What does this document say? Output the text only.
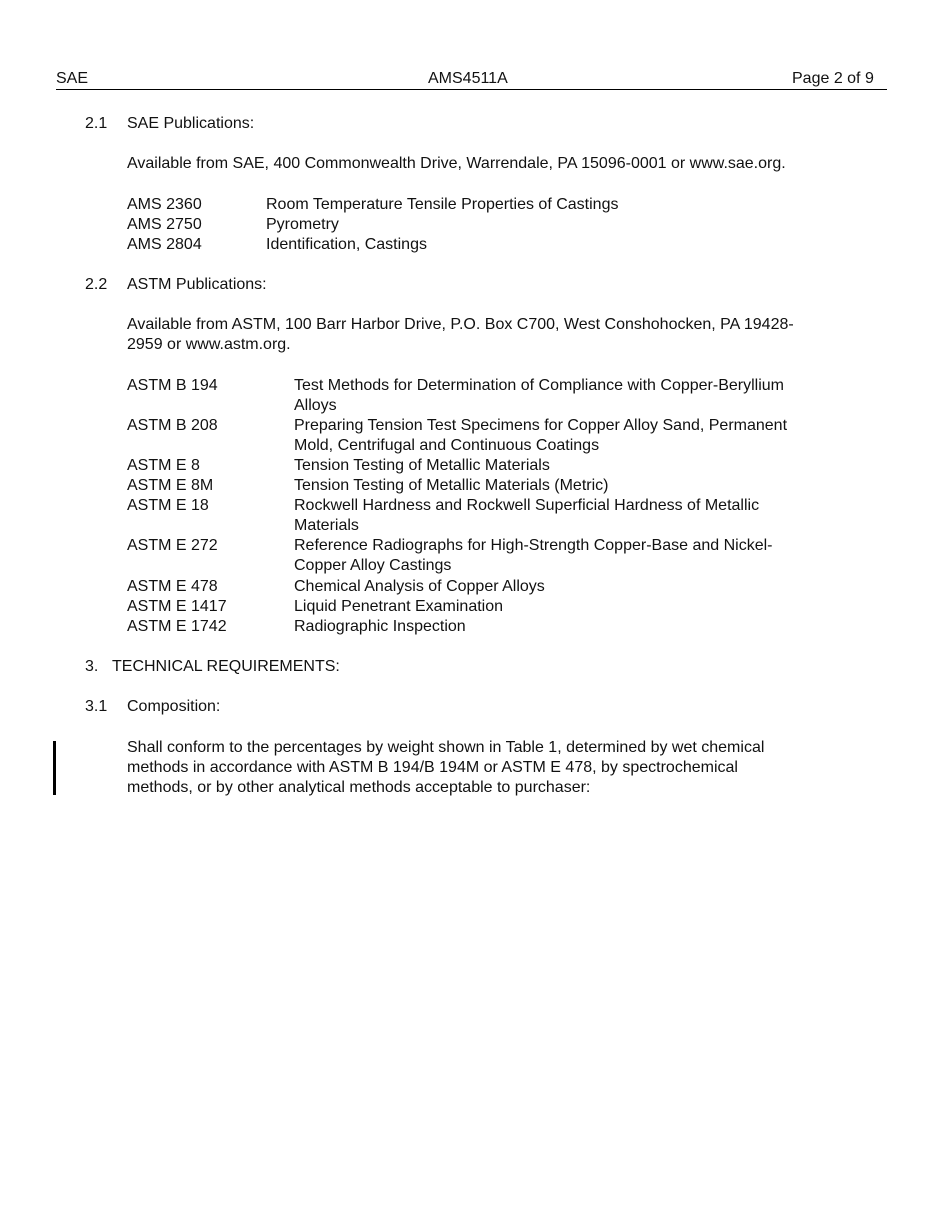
SAE	AMS4511A	Page 2 of 9
2.1 SAE Publications:
Available from SAE, 400 Commonwealth Drive, Warrendale, PA 15096-0001 or www.sae.org.
AMS 2360	Room Temperature Tensile Properties of Castings
AMS 2750	Pyrometry
AMS 2804	Identification, Castings
2.2 ASTM Publications:
Available from ASTM, 100 Barr Harbor Drive, P.O. Box C700, West Conshohocken, PA 19428-
2959 or www.astm.org.
ASTM B 194	Test Methods for Determination of Compliance with Copper-Beryllium
Alloys
ASTM B 208	Preparing Tension Test Specimens for Copper Alloy Sand, Permanent
Mold, Centrifugal and Continuous Coatings
ASTM E 8	Tension Testing of Metallic Materials
ASTM E 8M	Tension Testing of Metallic Materials (Metric)
ASTM E 18	Rockwell Hardness and Rockwell Superficial Hardness of Metallic
Materials
ASTM E 272	Reference Radiographs for High-Strength Copper-Base and Nickel-
Copper Alloy Castings
ASTM E 478	Chemical Analysis of Copper Alloys
ASTM E 1417	Liquid Penetrant Examination
ASTM E 1742	Radiographic Inspection
3. TECHNICAL REQUIREMENTS:
3.1 Composition:
Shall conform to the percentages by weight shown in Table 1, determined by wet chemical
methods in accordance with ASTM B 194/B 194M or ASTM E 478, by spectrochemical
methods, or by other analytical methods acceptable to purchaser:
